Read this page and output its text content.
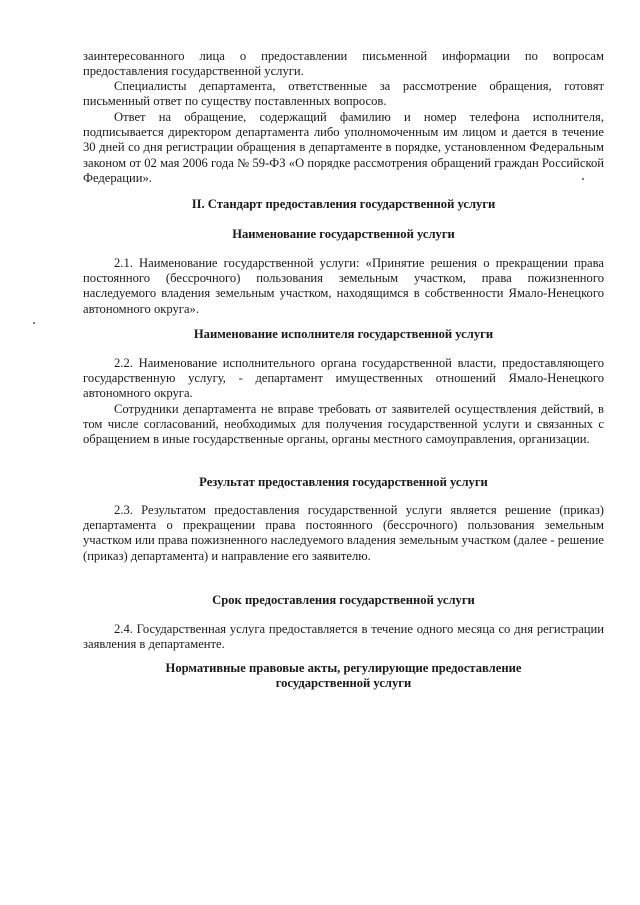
заинтересованного лица о предоставлении письменной информации по вопросам предоставления государственной услуги.

Специалисты департамента, ответственные за рассмотрение обращения, готовят письменный ответ по существу поставленных вопросов.

Ответ на обращение, содержащий фамилию и номер телефона исполнителя, подписывается директором департамента либо уполномоченным им лицом и дается в течение 30 дней со дня регистрации обращения в департаменте в порядке, установленном Федеральным законом от 02 мая 2006 года № 59-ФЗ «О порядке рассмотрения обращений граждан Российской Федерации».

II. Стандарт предоставления государственной услуги
Наименование государственной услуги

2.1. Наименование государственной услуги: «Принятие решения о прекращении права постоянного (бессрочного) пользования земельным участком, права пожизненного наследуемого владения земельным участком, находящимся в собственности Ямало-Ненецкого автономного округа».

Наименование исполнителя государственной услуги

2.2. Наименование исполнительного органа государственной власти, предоставляющего государственную услугу, - департамент имущественных отношений Ямало-Ненецкого автономного округа.

Сотрудники департамента не вправе требовать от заявителей осуществления действий, в том числе согласований, необходимых для получения государственной услуги и связанных с обращением в иные государственные органы, органы местного самоуправления, организации.

Результат предоставления государственной услуги

2.3. Результатом предоставления государственной услуги является решение (приказ) департамента о прекращении права постоянного (бессрочного) пользования земельным участком или права пожизненного наследуемого владения земельным участком (далее - решение (приказ) департамента) и направление его заявителю.

Срок предоставления государственной услуги

2.4. Государственная услуга предоставляется в течение одного месяца со дня регистрации заявления в департаменте.

Нормативные правовые акты, регулирующие предоставление
государственной услуги
